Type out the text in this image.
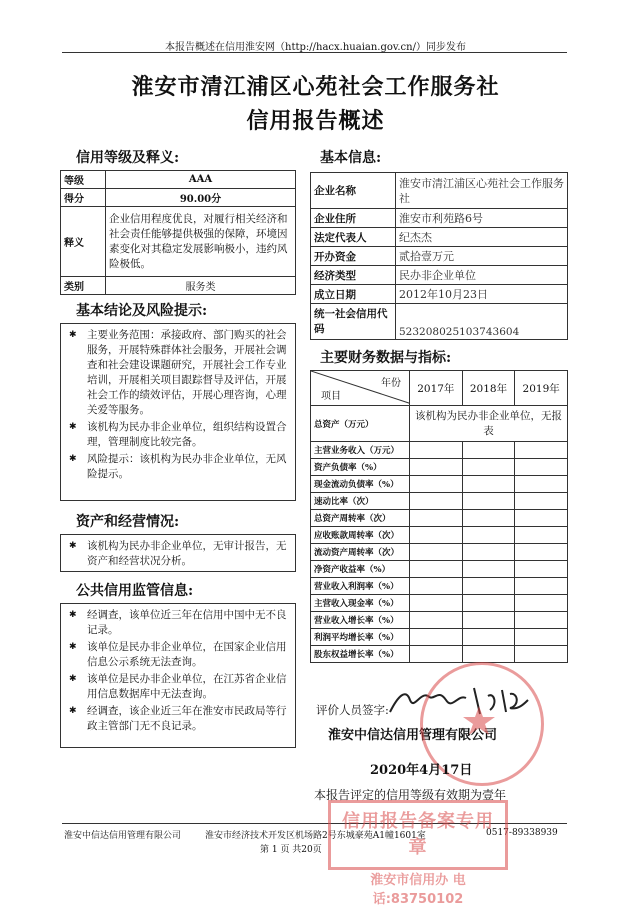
本报告概述在信用淮安网（http://hacx.huaian.gov.cn/）同步发布
淮安市清江浦区心苑社会工作服务社
信用报告概述
信用等级及释义:
等级	AAA
得分	90.00分
释义	企业信用程度优良，对履行相关经济和社会责任能够提供极强的保障，环境因素变化对其稳定发展影响极小，违约风险极低。
类别	服务类
基本结论及风险提示:
✱ 主要业务范围：承接政府、部门购买的社会服务，开展特殊群体社会服务，开展社会调查和社会建设课题研究，开展社会工作专业培训，开展相关项目跟踪督导及评估，开展社会工作的绩效评估，开展心理咨询，心理关爱等服务。
✱ 该机构为民办非企业单位，组织结构设置合理，管理制度比较完备。
✱ 风险提示：该机构为民办非企业单位，无风险提示。
资产和经营情况:
✱ 该机构为民办非企业单位，无审计报告，无资产和经营状况分析。
公共信用监管信息:
✱ 经调查，该单位近三年在信用中国中无不良记录。
✱ 该单位是民办非企业单位，在国家企业信用信息公示系统无法查询。
✱ 该单位是民办非企业单位，在江苏省企业信用信息数据库中无法查询。
✱ 经调查，该企业近三年在淮安市民政局等行政主管部门无不良记录。
基本信息:
企业名称	淮安市清江浦区心苑社会工作服务社
企业住所	淮安市利苑路6号
法定代表人	纪杰杰
开办资金	贰拾壹万元
经济类型	民办非企业单位
成立日期	2012年10月23日
统一社会信用代码	523208025103743604
主要财务数据与指标:
年份
项目	2017年	2018年	2019年
总资产（万元）	该机构为民办非企业单位，无报表		
主营业务收入（万元）			
资产负债率（%）			
现金流动负债率（%）			
速动比率（次）			
总资产周转率（次）			
应收账款周转率（次）			
流动资产周转率（次）			
净资产收益率（%）			
营业收入利润率（%）			
主营收入现金率（%）			
营业收入增长率（%）			
利润平均增长率（%）			
股东权益增长率（%）			
评价人员签字:
淮安中信达信用管理有限公司
2020年4月17日
本报告评定的信用等级有效期为壹年
淮安中信达信用管理有限公司	淮安市经济技术开发区机场路2号东城豪苑A1幢1601室	0517-89338939
第 1 页 共20页
信用报告备案专用章
淮安市信用办 电话:83750102
